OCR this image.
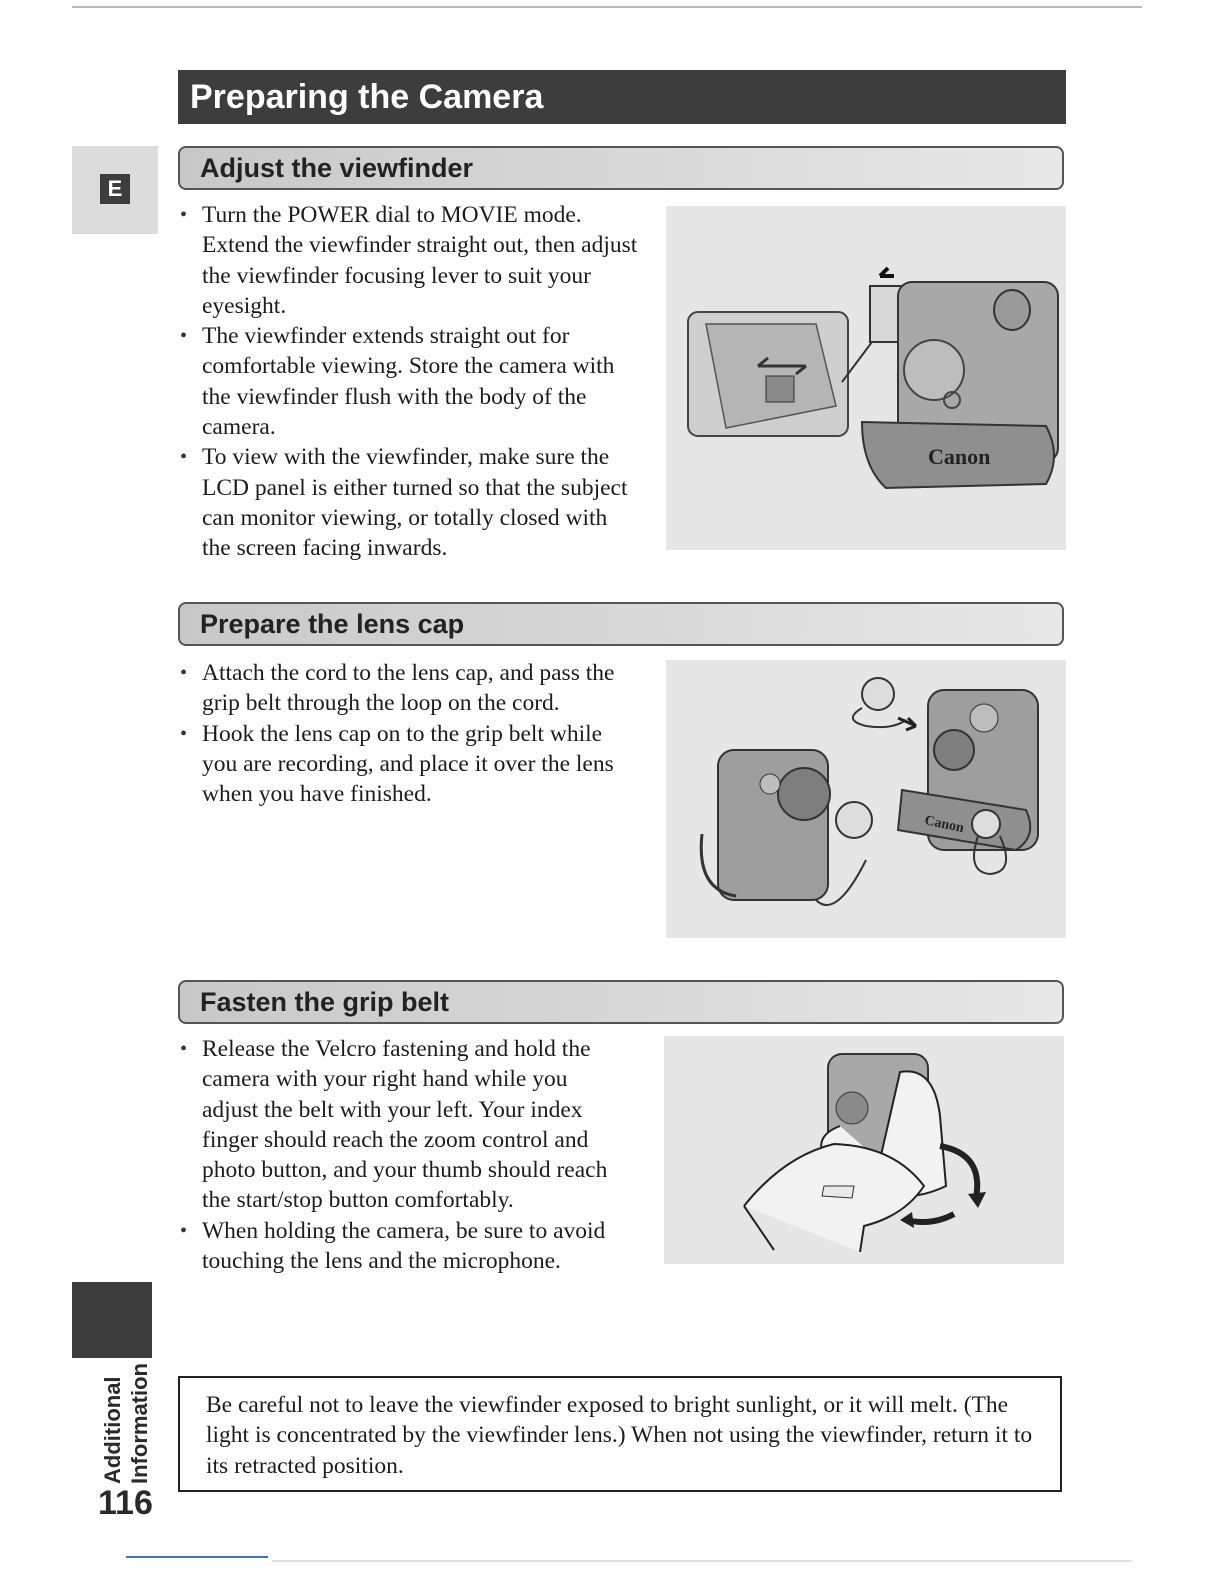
Preparing the Camera
E
Adjust the viewfinder
• Turn the POWER dial to MOVIE mode. Extend the viewfinder straight out, then adjust the viewfinder focusing lever to suit your eyesight.
• The viewfinder extends straight out for comfortable viewing. Store the camera with the viewfinder flush with the body of the camera.
• To view with the viewfinder, make sure the LCD panel is either turned so that the subject can monitor viewing, or totally closed with the screen facing inwards.
Canon
Prepare the lens cap
• Attach the cord to the lens cap, and pass the grip belt through the loop on the cord.
• Hook the lens cap on to the grip belt while you are recording, and place it over the lens when you have finished.
Canon
Fasten the grip belt
• Release the Velcro fastening and hold the camera with your right hand while you adjust the belt with your left. Your index finger should reach the zoom control and photo button, and your thumb should reach the start/stop button comfortably.
• When holding the camera, be sure to avoid touching the lens and the microphone.
Additional Information
116
Be careful not to leave the viewfinder exposed to bright sunlight, or it will melt. (The light is concentrated by the viewfinder lens.) When not using the viewfinder, return it to its retracted position.
